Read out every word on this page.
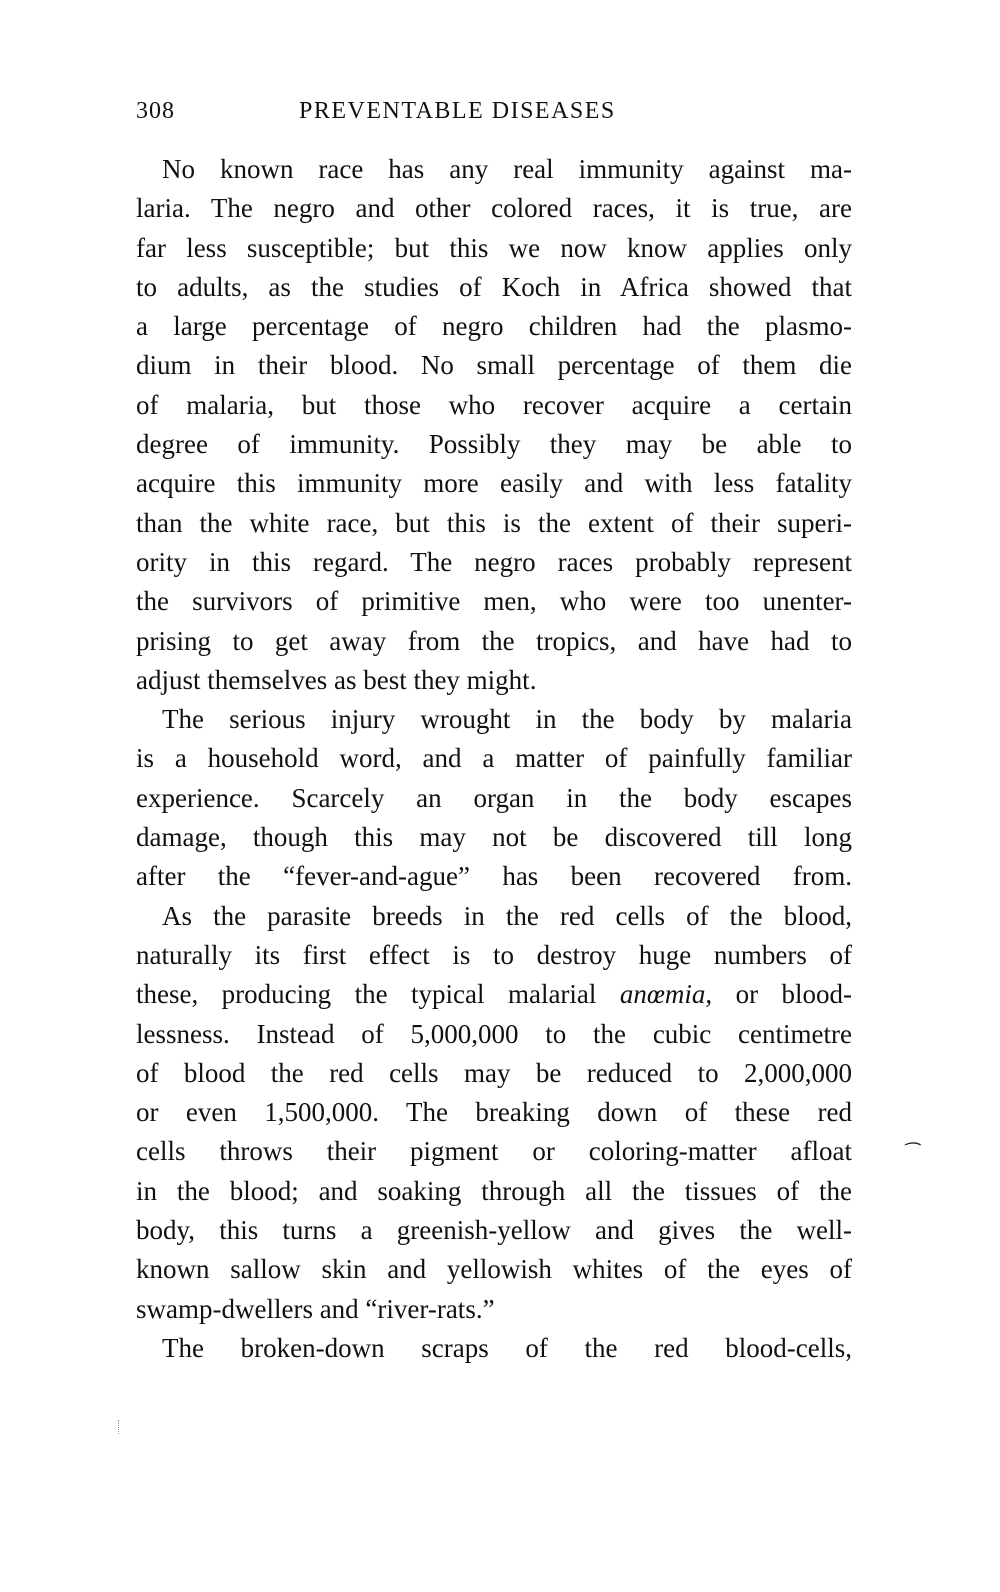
308	PREVENTABLE DISEASES
No known race has any real immunity against ma-
laria. The negro and other colored races, it is true, are
far less susceptible; but this we now know applies only
to adults, as the studies of Koch in Africa showed that
a large percentage of negro children had the plasmo-
dium in their blood. No small percentage of them die
of malaria, but those who recover acquire a certain
degree of immunity. Possibly they may be able to
acquire this immunity more easily and with less fatality
than the white race, but this is the extent of their superi-
ority in this regard. The negro races probably represent
the survivors of primitive men, who were too unenter-
prising to get away from the tropics, and have had to
adjust themselves as best they might.
The serious injury wrought in the body by malaria
is a household word, and a matter of painfully familiar
experience. Scarcely an organ in the body escapes
damage, though this may not be discovered till long
after the “fever-and-ague” has been recovered from.
As the parasite breeds in the red cells of the blood,
naturally its first effect is to destroy huge numbers of
these, producing the typical malarial anœmia, or blood-
lessness. Instead of 5,000,000 to the cubic centimetre
of blood the red cells may be reduced to 2,000,000
or even 1,500,000. The breaking down of these red
cells throws their pigment or coloring-matter afloat
in the blood; and soaking through all the tissues of the
body, this turns a greenish-yellow and gives the well-
known sallow skin and yellowish whites of the eyes of
swamp-dwellers and “river-rats.”
The broken-down scraps of the red blood-cells,
⁀
